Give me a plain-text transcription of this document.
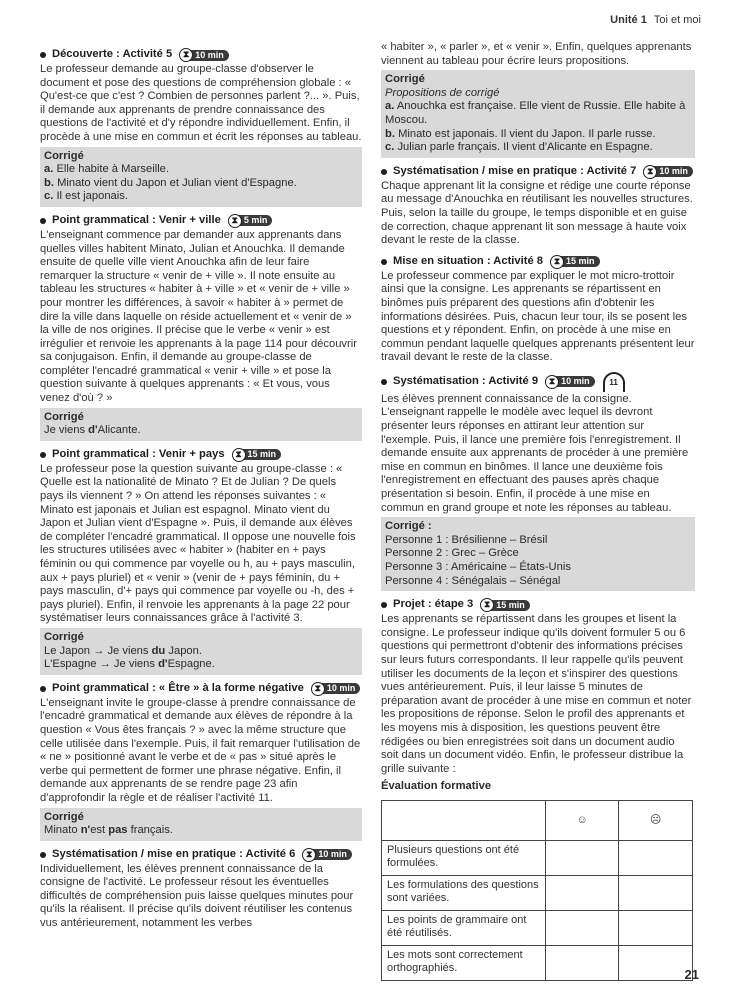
Unité 1 Toi et moi
Découverte : Activité 5	⧗ 10 min
Le professeur demande au groupe-classe d'observer le document et pose des questions de compréhension globale : « Qu'est-ce que c'est ? Combien de personnes parlent ?... ». Puis, il demande aux apprenants de prendre connaissance des questions de l'activité et d'y répondre individuellement. Enfin, il procède à une mise en commun et écrit les réponses au tableau.
Corrigé
a. Elle habite à Marseille.
b. Minato vient du Japon et Julian vient d'Espagne.
c. Il est japonais.
Point grammatical : Venir + ville	⧗ 5 min
L'enseignant commence par demander aux apprenants dans quelles villes habitent Minato, Julian et Anouchka. Il demande ensuite de quelle ville vient Anouchka afin de leur faire remarquer la structure « venir de + ville ». Il note ensuite au tableau les structures « habiter à + ville » et « venir de + ville » pour montrer les différences, à savoir « habiter à » permet de dire la ville dans laquelle on réside actuellement et « venir de » la ville de nos origines. Il précise que le verbe « venir » est irrégulier et renvoie les apprenants à la page 114 pour découvrir sa conjugaison. Enfin, il demande au groupe-classe de compléter l'encadré grammatical « venir + ville » et pose la question suivante à quelques apprenants : « Et vous, vous venez d'où ? »
Corrigé
Je viens d'Alicante.
Point grammatical : Venir + pays	⧗ 15 min
Le professeur pose la question suivante au groupe-classe : « Quelle est la nationalité de Minato ? Et de Julian ? De quels pays ils viennent ? » On attend les réponses suivantes : « Minato est japonais et Julian est espagnol. Minato vient du Japon et Julian vient d'Espagne ». Puis, il demande aux élèves de compléter l'encadré grammatical. Il oppose une nouvelle fois les structures utilisées avec « habiter » (habiter en + pays féminin ou qui commence par voyelle ou h, au + pays masculin, aux + pays pluriel) et « venir » (venir de + pays féminin, du + pays masculin, d'+ pays qui commence par voyelle ou -h, des + pays pluriel). Enfin, il renvoie les apprenants à la page 22 pour systématiser leurs connaissances grâce à l'activité 3.
Corrigé
Le Japon → Je viens du Japon.
L'Espagne → Je viens d'Espagne.
Point grammatical : « Être » à la forme négative	⧗ 10 min
L'enseignant invite le groupe-classe à prendre connaissance de l'encadré grammatical et demande aux élèves de répondre à la question « Vous êtes français ? » avec la même structure que celle utilisée dans l'exemple. Puis, il fait remarquer l'utilisation de « ne » positionné avant le verbe et de « pas » situé après le verbe qui permettent de former une phrase négative. Enfin, il demande aux apprenants de se rendre page 23 afin d'approfondir la règle et de réaliser l'activité 11.
Corrigé
Minato n'est pas français.
Systématisation / mise en pratique : Activité 6	⧗ 10 min
Individuellement, les élèves prennent connaissance de la consigne de l'activité. Le professeur résout les éventuelles difficultés de compréhension puis laisse quelques minutes pour qu'ils la réalisent. Il précise qu'ils doivent réutiliser les contenus vus antérieurement, notamment les verbes
« habiter », « parler », et « venir ». Enfin, quelques apprenants viennent au tableau pour écrire leurs propositions.
Corrigé
Propositions de corrigé
a. Anouchka est française. Elle vient de Russie. Elle habite à Moscou.
b. Minato est japonais. Il vient du Japon. Il parle russe.
c. Julian parle français. Il vient d'Alicante en Espagne.
Systématisation / mise en pratique : Activité 7	⧗ 10 min
Chaque apprenant lit la consigne et rédige une courte réponse au message d'Anouchka en réutilisant les nouvelles structures. Puis, selon la taille du groupe, le temps disponible et en guise de correction, chaque apprenant lit son message à haute voix devant le reste de la classe.
Mise en situation : Activité 8	⧗ 15 min
Le professeur commence par expliquer le mot micro-trottoir ainsi que la consigne. Les apprenants se répartissent en binômes puis préparent des questions afin d'obtenir les informations désirées. Puis, chacun leur tour, ils se posent les questions et y répondent. Enfin, on procède à une mise en commun pendant laquelle quelques apprenants présentent leur travail devant le reste de la classe.
Systématisation : Activité 9	⧗ 10 min	11
Les élèves prennent connaissance de la consigne. L'enseignant rappelle le modèle avec lequel ils devront présenter leurs réponses en attirant leur attention sur l'exemple. Puis, il lance une première fois l'enregistrement. Il demande ensuite aux apprenants de procéder à une première mise en commun en binômes. Il lance une deuxième fois l'enregistrement en effectuant des pauses après chaque présentation si besoin. Enfin, il procède à une mise en commun en grand groupe et note les réponses au tableau.
Corrigé :
Personne 1 : Brésilienne – Brésil
Personne 2 : Grec – Grèce
Personne 3 : Américaine – États-Unis
Personne 4 : Sénégalais – Sénégal
Projet : étape 3	⧗ 15 min
Les apprenants se répartissent dans les groupes et lisent la consigne. Le professeur indique qu'ils doivent formuler 5 ou 6 questions qui permettront d'obtenir des informations précises sur leurs futurs correspondants. Il leur rappelle qu'ils peuvent utiliser les documents de la leçon et s'inspirer des questions vues antérieurement. Puis, il leur laisse 5 minutes de préparation avant de procéder à une mise en commun et noter les propositions de réponse. Selon le profil des apprenants et les moyens mis à disposition, les questions peuvent être rédigées ou bien enregistrées soit dans un document audio soit dans un document vidéo. Enfin, le professeur distribue la grille suivante :
Évaluation formative
	☺	☹
Plusieurs questions ont été formulées.		
Les formulations des questions sont variées.		
Les points de grammaire ont été réutilisés.		
Les mots sont correctement orthographiés.			21
